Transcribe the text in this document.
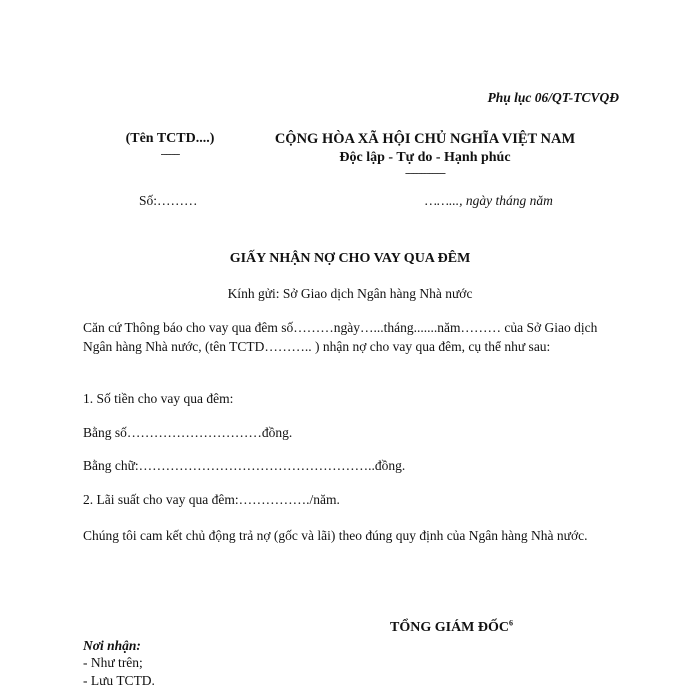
Phụ lục 06/QT-TCVQĐ
(Tên TCTD....)
-------
CỘNG HÒA XÃ HỘI CHỦ NGHĨA VIỆT NAM
Độc lập - Tự do - Hạnh phúc
---------------
Số:………	……..., ngày tháng năm
GIẤY NHẬN NỢ CHO VAY QUA ĐÊM
Kính gửi: Sở Giao dịch Ngân hàng Nhà nước
Căn cứ Thông báo cho vay qua đêm số………ngày…...tháng.......năm……… của Sở Giao dịch Ngân hàng Nhà nước, (tên TCTD……….. ) nhận nợ cho vay qua đêm, cụ thể như sau:
1. Số tiền cho vay qua đêm:
Bằng số…………………………đồng.
Bằng chữ:……………………………………………..đồng.
2. Lãi suất cho vay qua đêm:……………./năm.
Chúng tôi cam kết chủ động trả nợ (gốc và lãi) theo đúng quy định của Ngân hàng Nhà nước.
TỔNG GIÁM ĐỐC$^6$
Nơi nhận:
- Như trên;
- Lưu TCTD.
